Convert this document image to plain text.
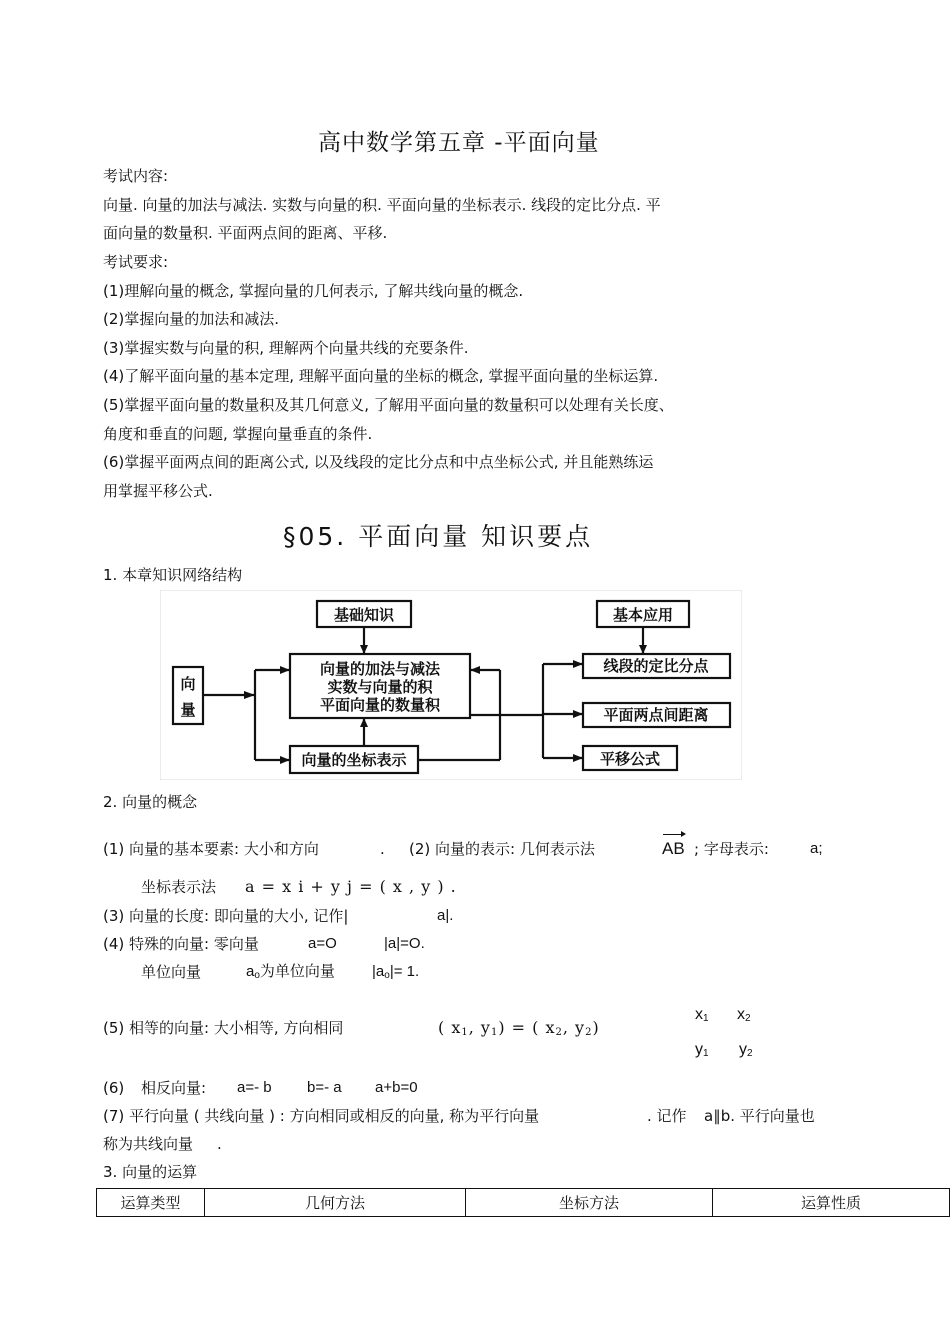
高中数学第五章 -平面向量
考试内容:
向量. 向量的加法与减法. 实数与向量的积. 平面向量的坐标表示. 线段的定比分点. 平
面向量的数量积. 平面两点间的距离、平移.
考试要求:
(1)理解向量的概念, 掌握向量的几何表示, 了解共线向量的概念.
(2)掌握向量的加法和减法.
(3)掌握实数与向量的积, 理解两个向量共线的充要条件.
(4)了解平面向量的基本定理, 理解平面向量的坐标的概念, 掌握平面向量的坐标运算.
(5)掌握平面向量的数量积及其几何意义, 了解用平面向量的数量积可以处理有关长度、
角度和垂直的问题, 掌握向量垂直的条件.
(6)掌握平面两点间的距离公式, 以及线段的定比分点和中点坐标公式, 并且能熟练运
用掌握平移公式.
§05. 平面向量 知识要点
1. 本章知识网络结构
向
量
基础知识
向量的加法与减法
实数与向量的积
平面向量的数量积
向量的坐标表示
基本应用
线段的定比分点
平面两点间距离
平移公式
2. 向量的概念
(1) 向量的基本要素: 大小和方向	. (2) 向量的表示: 几何表示法	AB ; 字母表示:	a;
坐标表示法 a = x i + y j = ( x , y ) .
(3) 向量的长度: 即向量的大小, 记作|	a|.
(4) 特殊的向量: 零向量	a=O	|a|=O.
单位向量	$a_o$为单位向量 $|a_o|= 1$.
(5) 相等的向量: 大小相等, 方向相同	( $x_1$, $y_1$) = ( $x_2$, $y_2$)
$x_1$ $x_2$
$y_1$ $y_2$
(6) 相反向量: a=- b b=- a a+b=0
(7) 平行向量 ( 共线向量 ) : 方向相同或相反的向量, 称为平行向量	. 记作 a∥b. 平行向量也
称为共线向量 .
3. 向量的运算
运算类型	几何方法	坐标方法	运算性质
